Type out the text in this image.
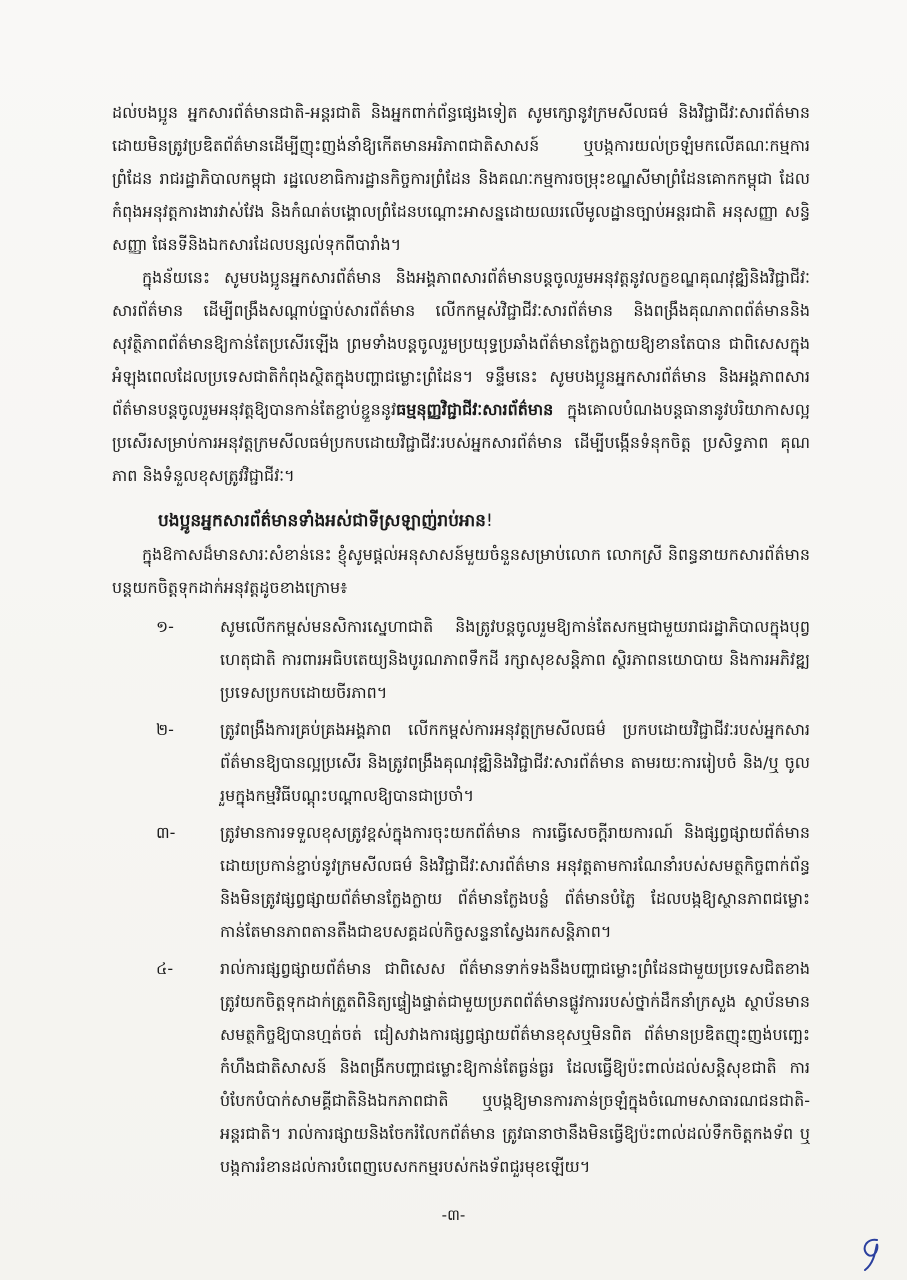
ដល់បងប្អូន អ្នកសារព័ត៌មានជាតិ-អន្តរជាតិ និងអ្នកពាក់ព័ន្ធផ្សេងទៀត សូមក្សោនូវក្រមសីលធម៌ និងវិជ្ជាជីវៈសារព័ត៌មាន ដោយមិនត្រូវប្រឌិតព័ត៌មានដើម្បីញុះញង់នាំឱ្យកើតមានអរិភាពជាតិសាសន៍ ឬបង្កការយល់ច្រឡំមកលើគណៈកម្មការព្រំដែន រាជរដ្ឋាភិបាលកម្ពុជា រដ្ឋលេខាធិការដ្ឋានកិច្ចការព្រំដែន និងគណៈកម្មការចម្រុះខណ្ឌសីមាព្រំដែនគោកកម្ពុជា ដែលកំពុងអនុវត្តការងារវាស់វែង និងកំណត់បង្គោលព្រំដែនបណ្ដោះអាសន្នដោយឈរលើមូលដ្ឋានច្បាប់អន្តរជាតិ អនុសញ្ញា សន្ធិសញ្ញា ផែនទីនិងឯកសារដែលបន្សល់ទុកពីបារាំង។

ក្នុងន័យនេះ សូមបងប្អូនអ្នកសារព័ត៌មាន និងអង្គភាពសារព័ត៌មានបន្តចូលរួមអនុវត្តនូវលក្ខខណ្ឌគុណវុឌ្ឍិនិងវិជ្ជាជីវៈសារព័ត៌មាន ដើម្បីពង្រឹងសណ្ដាប់ធ្នាប់សារព័ត៌មាន លើកកម្ពស់វិជ្ជាជីវៈសារព័ត៌មាន និងពង្រឹងគុណភាពព័ត៌មាននិងសុវត្ថិភាពព័ត៌មានឱ្យកាន់តែប្រសើរឡើង ព្រមទាំងបន្តចូលរួមប្រយុទ្ធប្រឆាំងព័ត៌មានក្លែងក្លាយឱ្យខានតែបាន ជាពិសេសក្នុងអំឡុងពេលដែលប្រទេសជាតិកំពុងស្ថិតក្នុងបញ្ហាជម្លោះព្រំដែន។ ទន្ទឹមនេះ សូមបងប្អូនអ្នកសារព័ត៌មាន និងអង្គភាពសារព័ត៌មានបន្តចូលរួមអនុវត្តឱ្យបានកាន់តែខ្ជាប់ខ្ជួននូវធម្មនុញ្ញវិជ្ជាជីវៈសារព័ត៌មាន ក្នុងគោលបំណងបន្តធានានូវបរិយាកាសល្អប្រសើរសម្រាប់ការអនុវត្តក្រមសីលធម៌ប្រកបដោយវិជ្ជាជីវៈរបស់អ្នកសារព័ត៌មាន ដើម្បីបង្កើនទំនុកចិត្ត ប្រសិទ្ធភាព គុណភាព និងទំនួលខុសត្រូវវិជ្ជាជីវៈ។

បងប្អូនអ្នកសារព័ត៌មានទាំងអស់ជាទីស្រឡាញ់រាប់អាន!

ក្នុងឱកាសដ៏មានសារៈសំខាន់នេះ ខ្ញុំសូមផ្ដល់អនុសាសន៍មួយចំនួនសម្រាប់លោក លោកស្រី និពន្ធនាយកសារព័ត៌មាន បន្តយកចិត្តទុកដាក់អនុវត្តដូចខាងក្រោម៖

១-	សូមលើកកម្ពស់មនសិការស្នេហាជាតិ និងត្រូវបន្តចូលរួមឱ្យកាន់តែសកម្មជាមួយរាជរដ្ឋាភិបាលក្នុងបុព្វហេតុជាតិ ការពារអធិបតេយ្យនិងបូរណភាពទឹកដី រក្សាសុខសន្តិភាព ស្ថិរភាពនយោបាយ និងការអភិវឌ្ឍប្រទេសប្រកបដោយចីរភាព។
២-	ត្រូវពង្រឹងការគ្រប់គ្រងអង្គភាព លើកកម្ពស់ការអនុវត្តក្រមសីលធម៌ ប្រកបដោយវិជ្ជាជីវៈរបស់អ្នកសារព័ត៌មានឱ្យបានល្អប្រសើរ និងត្រូវពង្រឹងគុណវុឌ្ឍិនិងវិជ្ជាជីវៈសារព័ត៌មាន តាមរយៈការរៀបចំ និង/ឬ ចូលរួមក្នុងកម្មវិធីបណ្ដុះបណ្ដាលឱ្យបានជាប្រចាំ។
៣-	ត្រូវមានការទទួលខុសត្រូវខ្ពស់ក្នុងការចុះយកព័ត៌មាន ការធ្វើសេចក្ដីរាយការណ៍ និងផ្សព្វផ្សាយព័ត៌មាន ដោយប្រកាន់ខ្ជាប់នូវក្រមសីលធម៌ និងវិជ្ជាជីវៈសារព័ត៌មាន អនុវត្តតាមការណែនាំរបស់សមត្ថកិច្ចពាក់ព័ន្ធ និងមិនត្រូវផ្សព្វផ្សាយព័ត៌មានក្លែងក្លាយ ព័ត៌មានក្លែងបន្លំ ព័ត៌មានបំភ្លៃ ដែលបង្កឱ្យស្ថានភាពជម្លោះកាន់តែមានភាពតានតឹងជាឧបសគ្គដល់កិច្ចសន្ទនាស្វែងរកសន្តិភាព។
៤-	រាល់ការផ្សព្វផ្សាយព័ត៌មាន ជាពិសេស ព័ត៌មានទាក់ទងនឹងបញ្ហាជម្លោះព្រំដែនជាមួយប្រទេសជិតខាង ត្រូវយកចិត្តទុកដាក់ត្រួតពិនិត្យផ្ទៀងផ្ទាត់ជាមួយប្រភពព័ត៌មានផ្លូវការរបស់ថ្នាក់ដឹកនាំក្រសួង ស្ថាប័នមានសមត្ថកិច្ចឱ្យបានហ្មត់ចត់ ជៀសវាងការផ្សព្វផ្សាយព័ត៌មានខុសឬមិនពិត ព័ត៌មានប្រឌិតញុះញង់បញ្ឆេះកំហឹងជាតិសាសន៍ និងពង្រីកបញ្ហាជម្លោះឱ្យកាន់តែធ្ងន់ធ្ងរ ដែលធ្វើឱ្យប៉ះពាល់ដល់សន្តិសុខជាតិ ការបំបែកបំបាក់សាមគ្គីជាតិនិងឯកភាពជាតិ ឬបង្កឱ្យមានការភាន់ច្រឡំក្នុងចំណោមសាធារណជនជាតិ-អន្តរជាតិ។ រាល់ការផ្សាយនិងចែករំលែកព័ត៌មាន ត្រូវធានាថានឹងមិនធ្វើឱ្យប៉ះពាល់ដល់ទឹកចិត្តកងទ័ព ឬបង្កការរំខានដល់ការបំពេញបេសកកម្មរបស់កងទ័ពជួរមុខឡើយ។
-៣-
